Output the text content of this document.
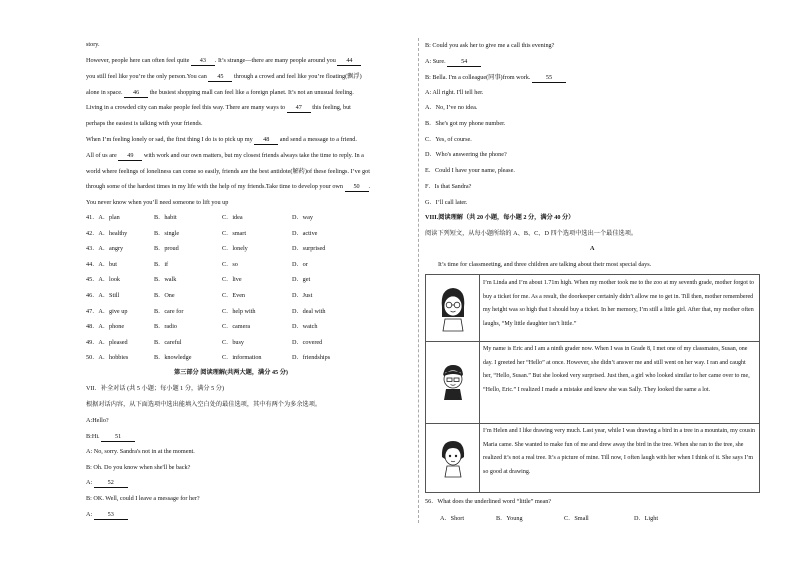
story.
However, people here can often feel quite 43 . It’s strange—there are many people around you 44
you still feel like you’re the only person.You can 45 through a crowd and feel like you’re floating(飘浮)
alone in space. 46 the busiest shopping mall can feel like a foreign planet. It’s not an unusual feeling.
Living in a crowded city can make people feel this way. There are many ways to 47 this feeling, but
perhaps the easiest is talking with your friends.
When I’m feeling lonely or sad, the first thing I do is to pick up my 48 and send a message to a friend.
All of us are 49 with work and our own matters, but my closest friends always take the time to reply. In a
world where feelings of loneliness can come so easily, friends are the best antidote(解药)of these feelings. I’ve got
through some of the hardest times in my life with the help of my friends.Take time to develop your own 50 .
You never know when you’ll need someone to lift you up
41．A．plan	B．habit	C．idea	D．way
42．A．healthy	B．single	C．smart	D．active
43．A．angry	B．proud	C．lonely	D．surprised
44．A．but	B．if	C．so	D．or
45．A．look	B．walk	C．live	D．get
46．A．Still	B．One	C．Even	D．Just
47．A．give up	B．care for	C．help with	D．deal with
48．A．phone	B．radio	C．camera	D．watch
49．A．pleased	B．careful	C．busy	D．covered
50．A．hobbies	B．knowledge	C．information	D．friendships
第三部分 阅读理解(共两大题，满分 45 分)
VII．补全对话 (共 5 小题；每小题 1 分，满分 5 分)
根据对话内容，从下面选项中选出能填入空白处的最佳选项，其中有两个为多余选项。
A:Hello?
B:Hi. 51
A: No, sorry. Sandra's not in at the moment.
B: Oh. Do you know when she'll be back?
A: 52
B: OK. Well, could I leave a message for her?
A: 53
B: Could you ask her to give me a call this evening?
A: Sure. 54
B: Bella. I'm a colleague(同事)from work. 55
A: All right. I'll tell her.
A．No, I’ve no idea.
B．She's got my phone number.
C．Yes, of course.
D．Who's answering the phone?
E．Could I have your name, please.
F．Is that Sandra?
G．I’ll call later.
VIII.阅读理解（共 20 小题，每小题 2 分，满分 40 分）
阅读下列短文，从每小题所给的 A、B、C、D 四个选项中选出一个最佳选项。
A
It’s time for classmeeting, and three children are talking about their most special days.
I’m Linda and I’m about 1.71m high. When my mother took me to the zoo at my seventh grade, mother forgot to buy a ticket for me. As a result, the doorkeeper certainly didn’t allow me to get in. Till then, mother remembered my height was so high that I should buy a ticket. In her memory, I’m still a little girl. After that, my mother often laughs, “My little daughter isn’t little.”
My name is Eric and I am a ninth grader now. When I was in Grade 8, I met one of my classmates, Susan, one day. I greeted her “Hello” at once. However, she didn’t answer me and still went on her way. I ran and caught her, “Hello, Susan.” But she looked very surprised. Just then, a girl who looked similar to her came over to me, “Hello, Eric.” I realized I made a mistake and knew she was Sally. They looked the same a lot.
I’m Helen and I like drawing very much. Last year, while I was drawing a bird in a tree in a mountain, my cousin Maria came. She wanted to make fun of me and drew away the bird in the tree. When she ran to the tree, she realized it’s not a real tree. It’s a picture of mine. Till now, I often laugh with her when I think of it. She says I’m so good at drawing.
56．What does the underlined word “little” mean?
A．Short	B．Young	C．Small	D．Light
